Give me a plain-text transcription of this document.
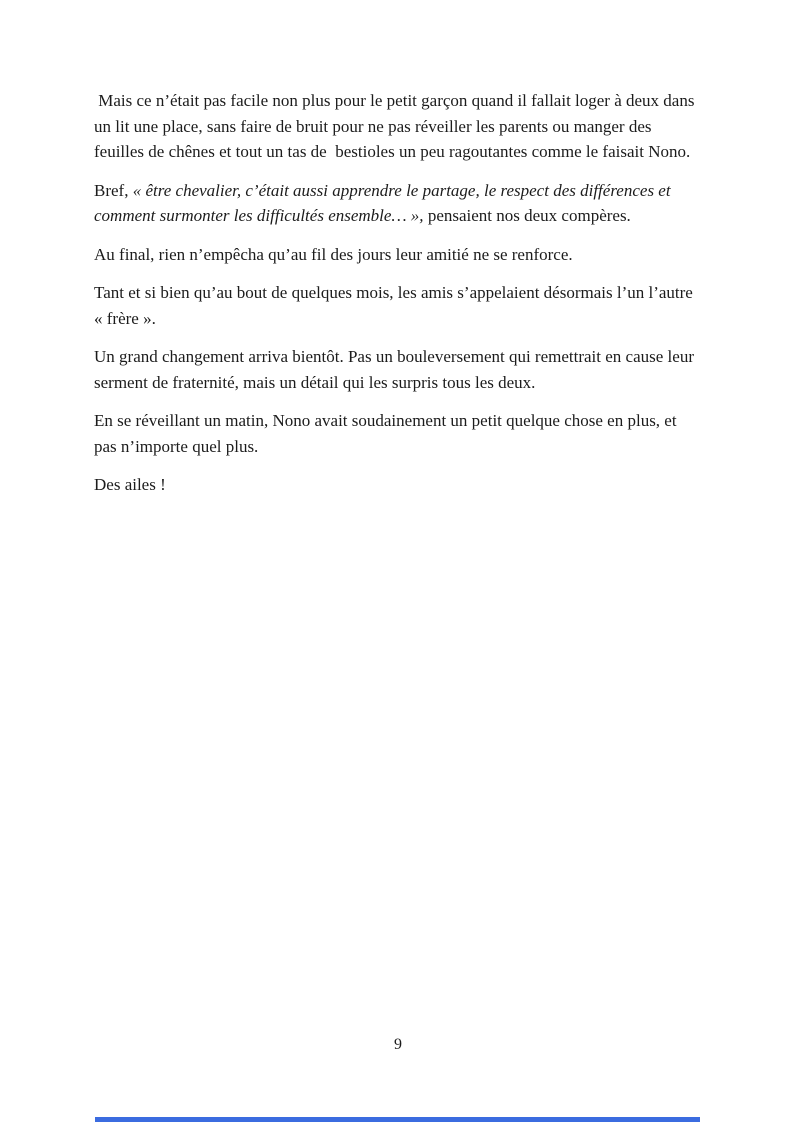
Mais ce n’était pas facile non plus pour le petit garçon quand il fallait loger à deux dans un lit une place, sans faire de bruit pour ne pas réveiller les parents ou manger des feuilles de chênes et tout un tas de  bestioles un peu ragoutantes comme le faisait Nono.

Bref, « être chevalier, c’était aussi apprendre le partage, le respect des différences et comment surmonter les difficultés ensemble… », pensaient nos deux compères.

Au final, rien n’empêcha qu’au fil des jours leur amitié ne se renforce.

Tant et si bien qu’au bout de quelques mois, les amis s’appelaient désormais l’un l’autre « frère ».

Un grand changement arriva bientôt. Pas un bouleversement qui remettrait en cause leur serment de fraternité, mais un détail qui les surpris tous les deux.

En se réveillant un matin, Nono avait soudainement un petit quelque chose en plus, et pas n’importe quel plus.

Des ailes !

9
